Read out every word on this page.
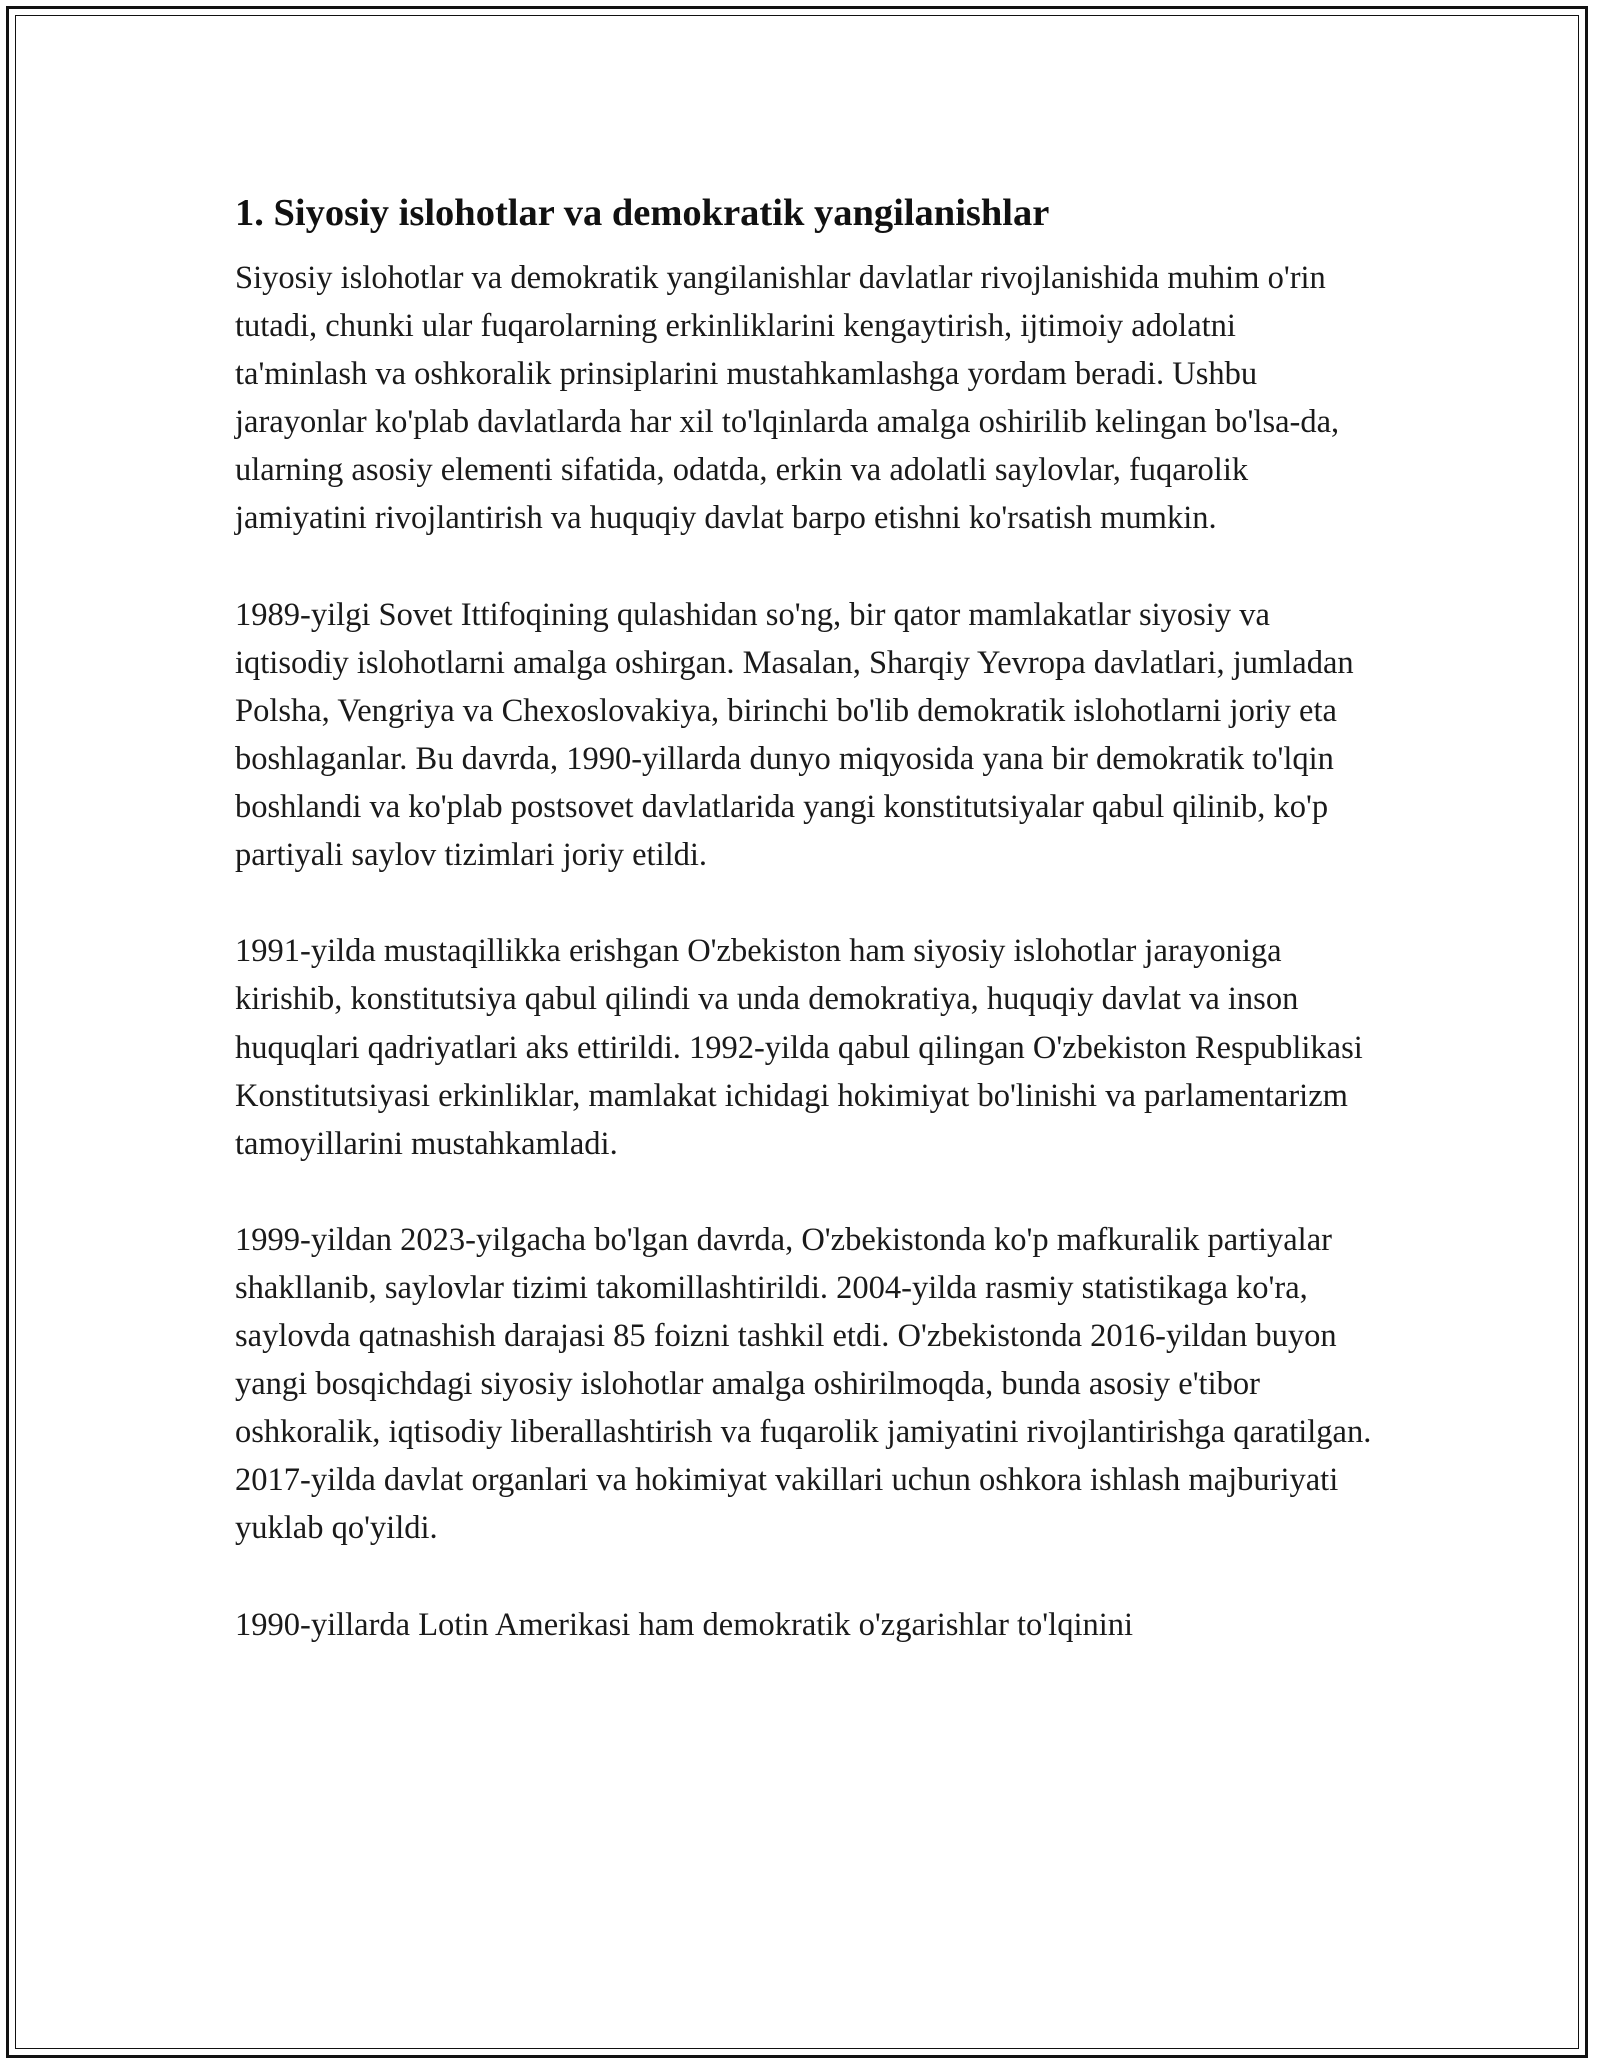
1. Siyosiy islohotlar va demokratik yangilanishlar

Siyosiy islohotlar va demokratik yangilanishlar davlatlar rivojlanishida muhim o'rin tutadi, chunki ular fuqarolarning erkinliklarini kengaytirish, ijtimoiy adolatni ta'minlash va oshkoralik prinsiplarini mustahkamlashga yordam beradi. Ushbu jarayonlar ko'plab davlatlarda har xil to'lqinlarda amalga oshirilib kelingan bo'lsa-da, ularning asosiy elementi sifatida, odatda, erkin va adolatli saylovlar, fuqarolik jamiyatini rivojlantirish va huquqiy davlat barpo etishni ko'rsatish mumkin.

1989-yilgi Sovet Ittifoqining qulashidan so'ng, bir qator mamlakatlar siyosiy va iqtisodiy islohotlarni amalga oshirgan. Masalan, Sharqiy Yevropa davlatlari, jumladan Polsha, Vengriya va Chexoslovakiya, birinchi bo'lib demokratik islohotlarni joriy eta boshlaganlar. Bu davrda, 1990-yillarda dunyo miqyosida yana bir demokratik to'lqin boshlandi va ko'plab postsovet davlatlarida yangi konstitutsiyalar qabul qilinib, ko'p partiyali saylov tizimlari joriy etildi.

1991-yilda mustaqillikka erishgan O'zbekiston ham siyosiy islohotlar jarayoniga kirishib, konstitutsiya qabul qilindi va unda demokratiya, huquqiy davlat va inson huquqlari qadriyatlari aks ettirildi. 1992-yilda qabul qilingan O'zbekiston Respublikasi Konstitutsiyasi erkinliklar, mamlakat ichidagi hokimiyat bo'linishi va parlamentarizm tamoyillarini mustahkamladi.

1999-yildan 2023-yilgacha bo'lgan davrda, O'zbekistonda ko'p mafkuralik partiyalar shakllanib, saylovlar tizimi takomillashtirildi. 2004-yilda rasmiy statistikaga ko'ra, saylovda qatnashish darajasi 85 foizni tashkil etdi. O'zbekistonda 2016-yildan buyon yangi bosqichdagi siyosiy islohotlar amalga oshirilmoqda, bunda asosiy e'tibor oshkoralik, iqtisodiy liberallashtirish va fuqarolik jamiyatini rivojlantirishga qaratilgan. 2017-yilda davlat organlari va hokimiyat vakillari uchun oshkora ishlash majburiyati yuklab qo'yildi.

1990-yillarda Lotin Amerikasi ham demokratik o'zgarishlar to'lqinini
